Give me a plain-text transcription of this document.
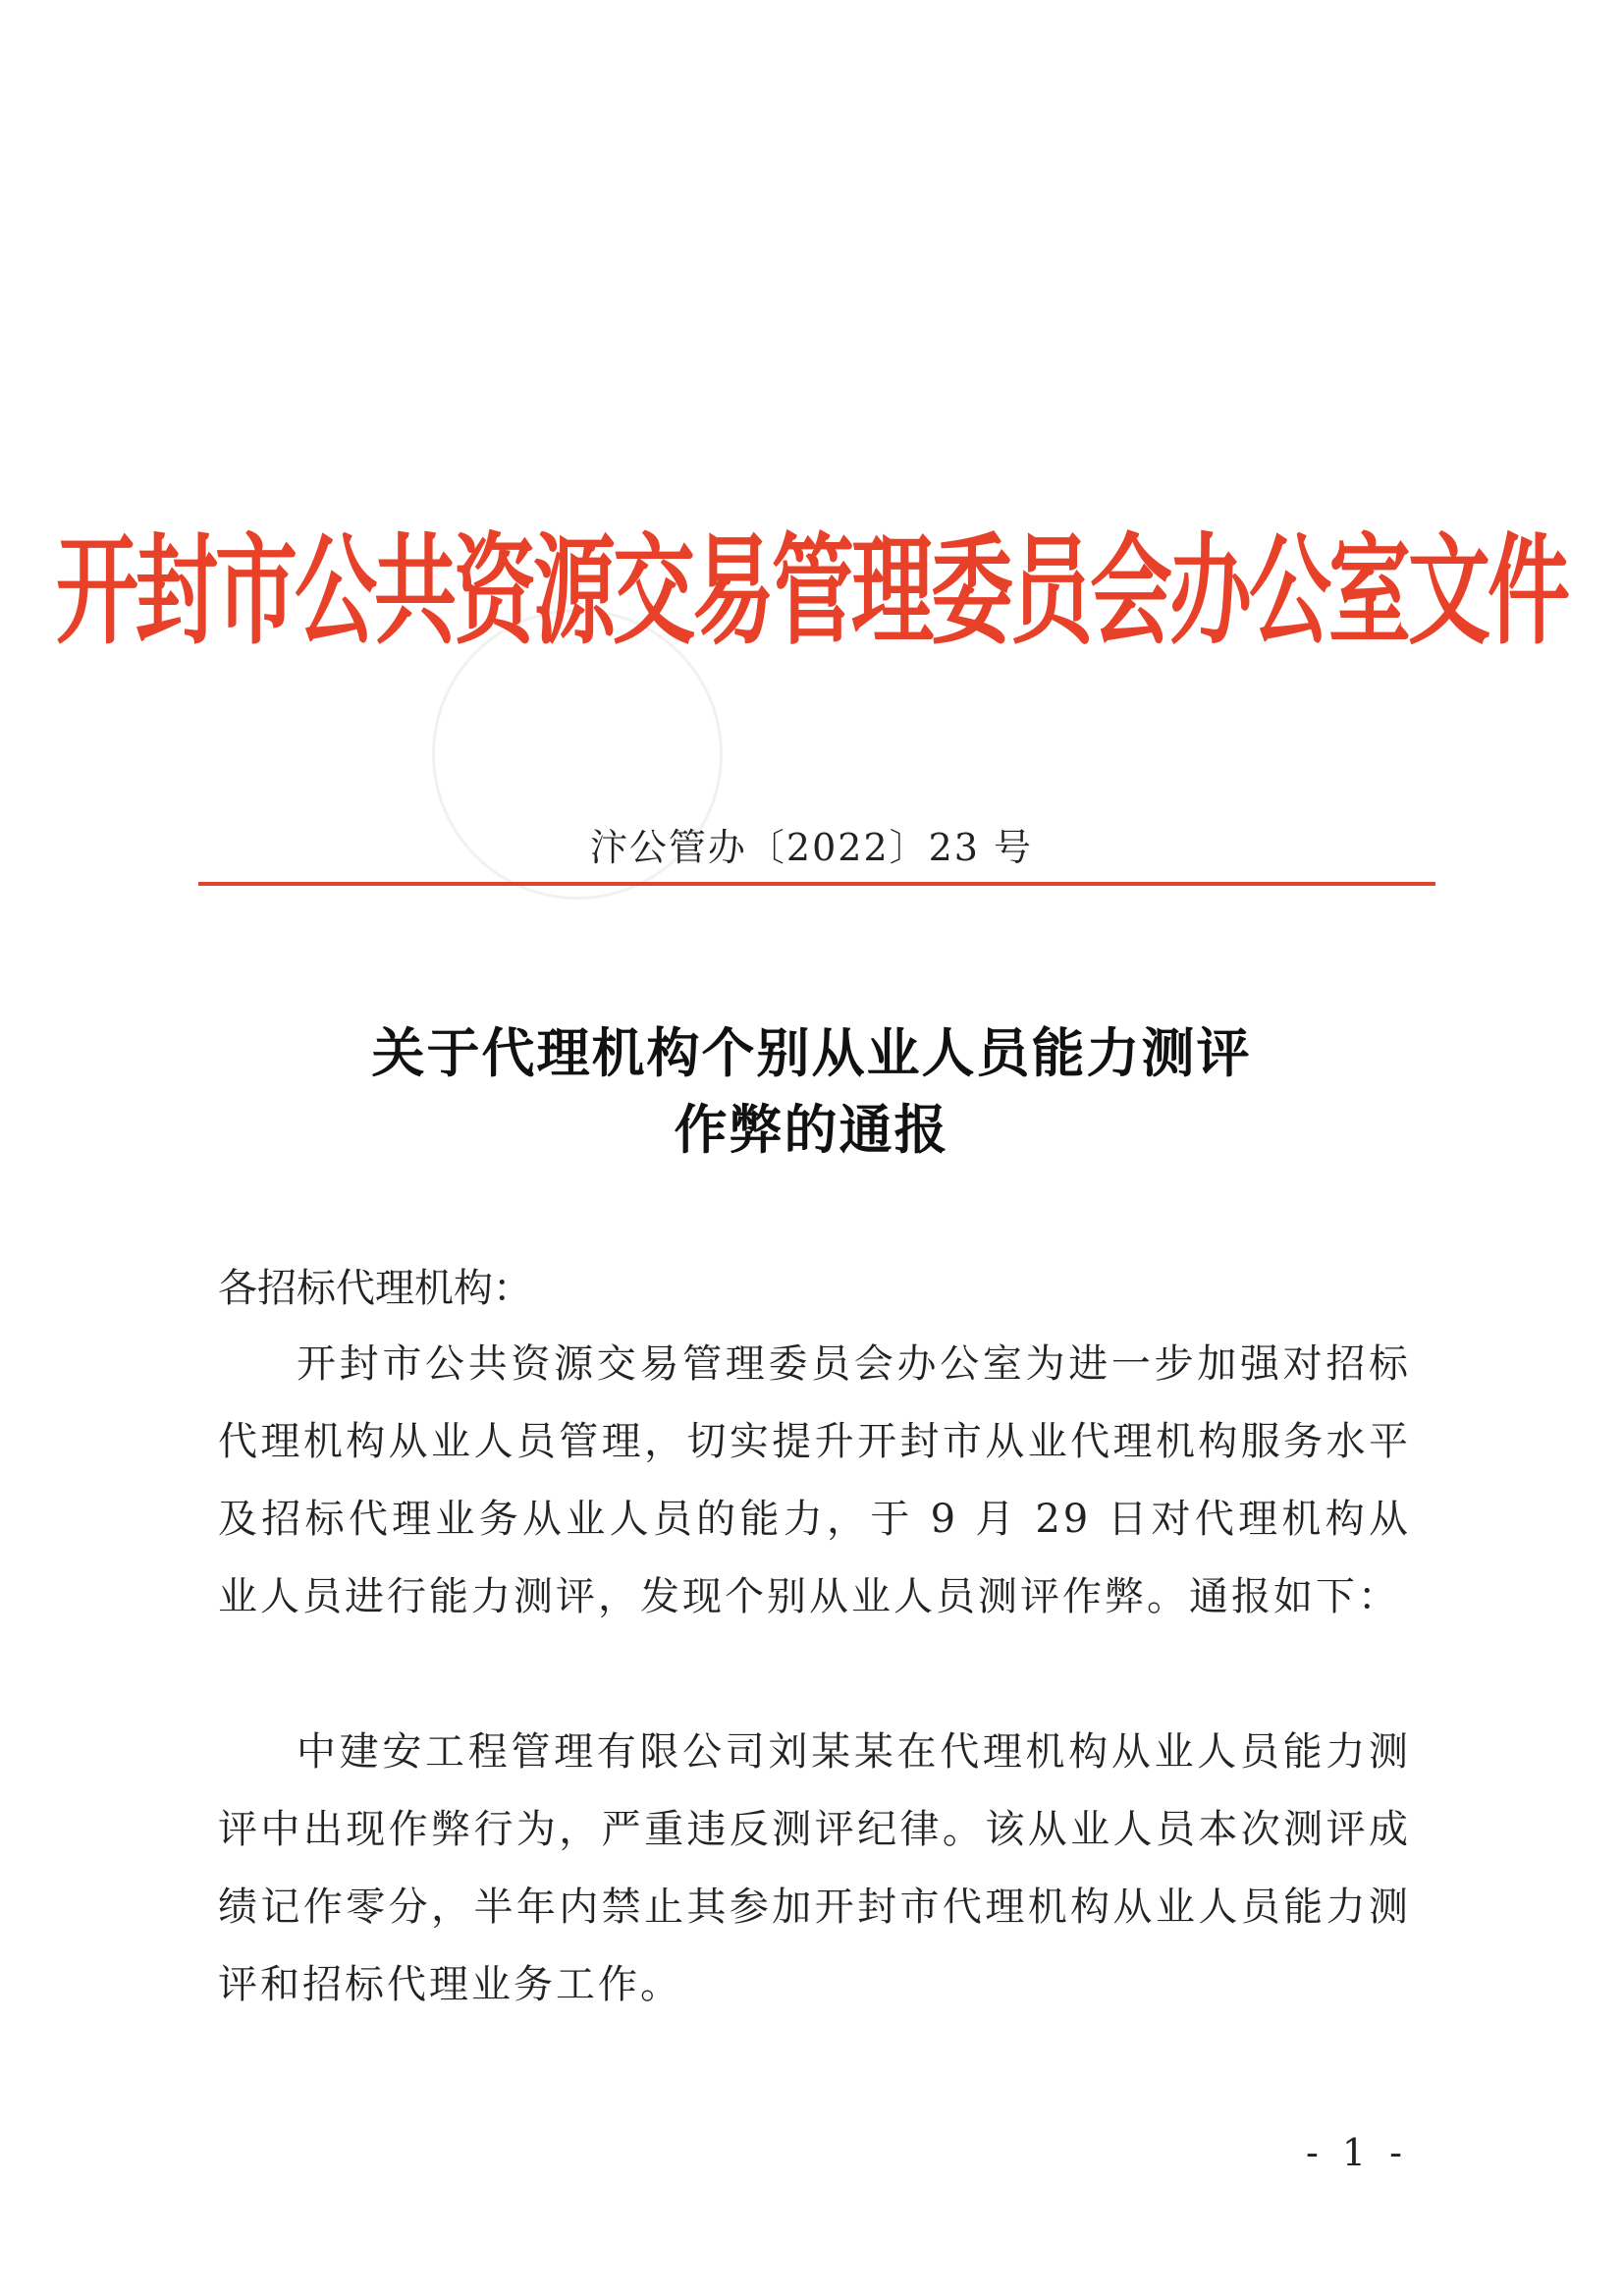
开封市公共资源交易管理委员会办公室文件
汴公管办〔2022〕23 号
关于代理机构个别从业人员能力测评
作弊的通报
各招标代理机构：
开封市公共资源交易管理委员会办公室为进一步加强对招标代理机构从业人员管理，切实提升开封市从业代理机构服务水平及招标代理业务从业人员的能力，于 9 月 29 日对代理机构从业人员进行能力测评，发现个别从业人员测评作弊。通报如下：
中建安工程管理有限公司刘某某在代理机构从业人员能力测评中出现作弊行为，严重违反测评纪律。该从业人员本次测评成绩记作零分，半年内禁止其参加开封市代理机构从业人员能力测评和招标代理业务工作。
- 1 -
